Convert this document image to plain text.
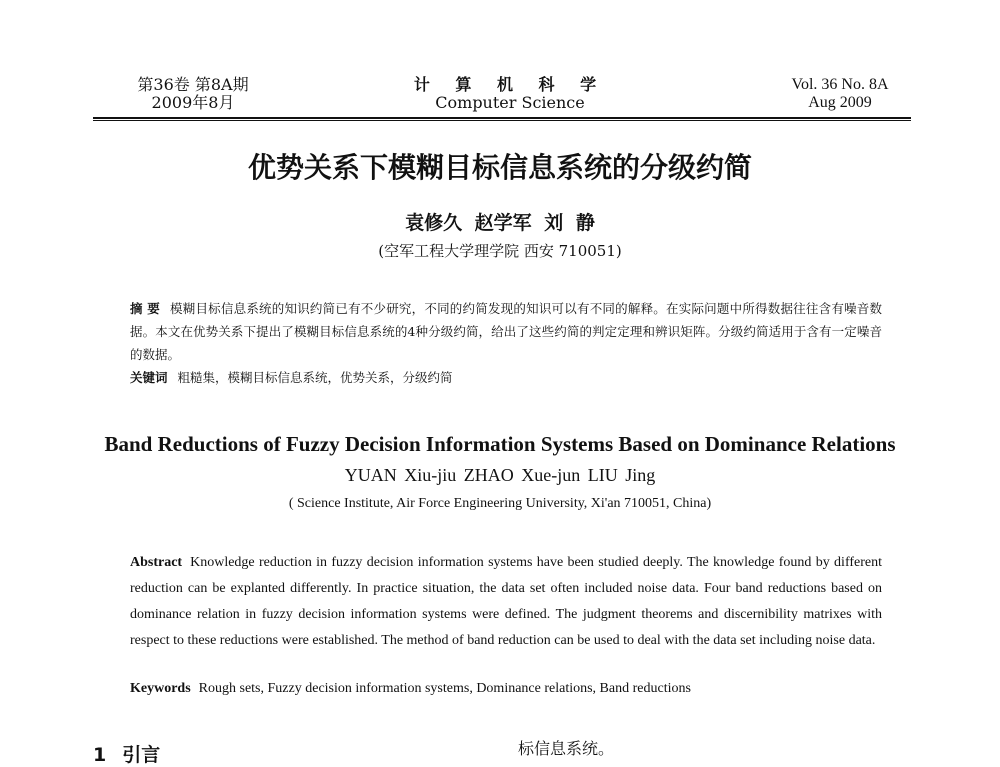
第36卷 第8A期
2009年8月
计 算 机 科 学
Computer Science
Vol. 36 No. 8A
Aug 2009
优势关系下模糊目标信息系统的分级约简
袁修久 赵学军 刘 静
(空军工程大学理学院 西安 710051)
摘 要 模糊目标信息系统的知识约简已有不少研究，不同的约简发现的知识可以有不同的解释。在实际问题中所得数据往往含有噪音数据。本文在优势关系下提出了模糊目标信息系统的4种分级约简，给出了这些约简的判定定理和辨识矩阵。分级约简适用于含有一定噪音的数据。
关键词 粗糙集，模糊目标信息系统，优势关系，分级约简
Band Reductions of Fuzzy Decision Information Systems Based on Dominance Relations
YUAN Xiu-jiu ZHAO Xue-jun LIU Jing
( Science Institute, Air Force Engineering University, Xi'an 710051, China)
Abstract Knowledge reduction in fuzzy decision information systems have been studied deeply. The knowledge found by different reduction can be explanted differently. In practice situation, the data set often included noise data. Four band reductions based on dominance relation in fuzzy decision information systems were defined. The judgment theorems and discernibility matrixes with respect to these reductions were established. The method of band reduction can be used to deal with the data set including noise data.
Keywords Rough sets, Fuzzy decision information systems, Dominance relations, Band reductions
1 引言	标信息系统。
